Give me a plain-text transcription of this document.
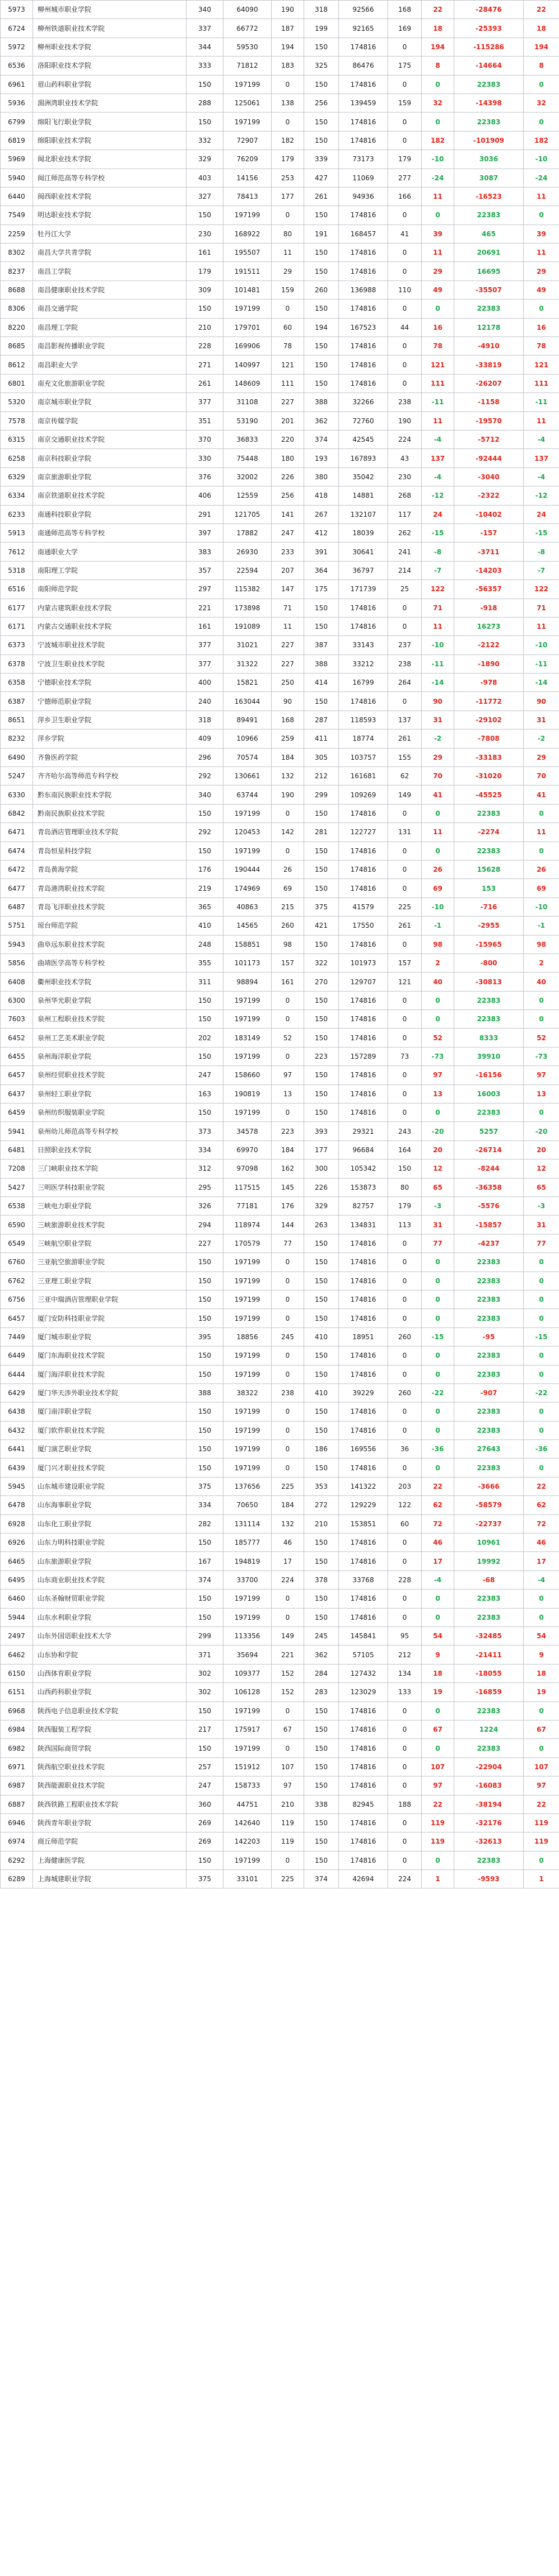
5973	柳州城市职业学院	340	64090	190	318	92566	168	22	-28476	22
6724	柳州铁道职业技术学院	337	66772	187	199	92165	169	18	-25393	18
5972	柳州职业技术学院	344	59530	194	150	174816	0	194	-115286	194
6536	洛阳职业技术学院	333	71812	183	325	86476	175	8	-14664	8
6961	眉山药科职业学院	150	197199	0	150	174816	0	0	22383	0
5936	湄洲湾职业技术学院	288	125061	138	256	139459	159	32	-14398	32
6799	绵阳飞行职业学院	150	197199	0	150	174816	0	0	22383	0
6819	绵阳职业技术学院	332	72907	182	150	174816	0	182	-101909	182
5969	闽北职业技术学院	329	76209	179	339	73173	179	-10	3036	-10
5940	闽江师范高等专科学校	403	14156	253	427	11069	277	-24	3087	-24
6440	闽西职业技术学院	327	78413	177	261	94936	166	11	-16523	11
7549	明达职业技术学院	150	197199	0	150	174816	0	0	22383	0
2259	牡丹江大学	230	168922	80	191	168457	41	39	465	39
8302	南昌大学共青学院	161	195507	11	150	174816	0	11	20691	11
8237	南昌工学院	179	191511	29	150	174816	0	29	16695	29
8688	南昌健康职业技术学院	309	101481	159	260	136988	110	49	-35507	49
8306	南昌交通学院	150	197199	0	150	174816	0	0	22383	0
8220	南昌理工学院	210	179701	60	194	167523	44	16	12178	16
8685	南昌影视传播职业学院	228	169906	78	150	174816	0	78	-4910	78
8612	南昌职业大学	271	140997	121	150	174816	0	121	-33819	121
6801	南充文化旅游职业学院	261	148609	111	150	174816	0	111	-26207	111
5320	南京城市职业学院	377	31108	227	388	32266	238	-11	-1158	-11
7578	南京传媒学院	351	53190	201	362	72760	190	11	-19570	11
6315	南京交通职业技术学院	370	36833	220	374	42545	224	-4	-5712	-4
6258	南京科技职业学院	330	75448	180	193	167893	43	137	-92444	137
6329	南京旅游职业学院	376	32002	226	380	35042	230	-4	-3040	-4
6334	南京铁道职业技术学院	406	12559	256	418	14881	268	-12	-2322	-12
6233	南通科技职业学院	291	121705	141	267	132107	117	24	-10402	24
5913	南通师范高等专科学校	397	17882	247	412	18039	262	-15	-157	-15
7612	南通职业大学	383	26930	233	391	30641	241	-8	-3711	-8
5318	南阳理工学院	357	22594	207	364	36797	214	-7	-14203	-7
6516	南阳师范学院	297	115382	147	175	171739	25	122	-56357	122
6177	内蒙古建筑职业技术学院	221	173898	71	150	174816	0	71	-918	71
6171	内蒙古交通职业技术学院	161	191089	11	150	174816	0	11	16273	11
6373	宁波城市职业技术学院	377	31021	227	387	33143	237	-10	-2122	-10
6378	宁波卫生职业技术学院	377	31322	227	388	33212	238	-11	-1890	-11
6358	宁德职业技术学院	400	15821	250	414	16799	264	-14	-978	-14
6387	宁德师范职业学院	240	163044	90	150	174816	0	90	-11772	90
8651	萍乡卫生职业学院	318	89491	168	287	118593	137	31	-29102	31
8232	萍乡学院	409	10966	259	411	18774	261	-2	-7808	-2
6490	齐鲁医药学院	296	70574	184	305	103757	155	29	-33183	29
5247	齐齐哈尔高等师范专科学校	292	130661	132	212	161681	62	70	-31020	70
6330	黔东南民族职业技术学院	340	63744	190	299	109269	149	41	-45525	41
6842	黔南民族职业技术学院	150	197199	0	150	174816	0	0	22383	0
6471	青岛酒店管理职业技术学院	292	120453	142	281	122727	131	11	-2274	11
6474	青岛恒星科技学院	150	197199	0	150	174816	0	0	22383	0
6472	青岛黄海学院	176	190444	26	150	174816	0	26	15628	26
6477	青岛港湾职业技术学院	219	174969	69	150	174816	0	69	153	69
6487	青岛飞洋职业技术学院	365	40863	215	375	41579	225	-10	-716	-10
5751	琼台师范学院	410	14565	260	421	17550	261	-1	-2955	-1
5943	曲阜远东职业技术学院	248	158851	98	150	174816	0	98	-15965	98
5856	曲靖医学高等专科学校	355	101173	157	322	101973	157	2	-800	2
6408	衢州职业技术学院	311	98894	161	270	129707	121	40	-30813	40
6300	泉州华光职业学院	150	197199	0	150	174816	0	0	22383	0
7603	泉州工程职业技术学院	150	197199	0	150	174816	0	0	22383	0
6452	泉州工艺美术职业学院	202	183149	52	150	174816	0	52	8333	52
6455	泉州海洋职业学院	150	197199	0	223	157289	73	-73	39910	-73
6457	泉州经贸职业技术学院	247	158660	97	150	174816	0	97	-16156	97
6437	泉州轻工职业学院	163	190819	13	150	174816	0	13	16003	13
6459	泉州纺织服装职业学院	150	197199	0	150	174816	0	0	22383	0
5941	泉州幼儿师范高等专科学校	373	34578	223	393	29321	243	-20	5257	-20
6481	日照职业技术学院	334	69970	184	177	96684	164	20	-26714	20
7208	三门峡职业技术学院	312	97098	162	300	105342	150	12	-8244	12
5427	三明医学科技职业学院	295	117515	145	226	153873	80	65	-36358	65
6538	三峡电力职业学院	326	77181	176	329	82757	179	-3	-5576	-3
6590	三峡旅游职业技术学院	294	118974	144	263	134831	113	31	-15857	31
6549	三峡航空职业学院	227	170579	77	150	174816	0	77	-4237	77
6760	三亚航空旅游职业学院	150	197199	0	150	174816	0	0	22383	0
6762	三亚理工职业学院	150	197199	0	150	174816	0	0	22383	0
6756	三亚中瑞酒店管理职业学院	150	197199	0	150	174816	0	0	22383	0
6457	厦门安防科技职业学院	150	197199	0	150	174816	0	0	22383	0
7449	厦门城市职业学院	395	18856	245	410	18951	260	-15	-95	-15
6449	厦门东海职业技术学院	150	197199	0	150	174816	0	0	22383	0
6444	厦门海洋职业技术学院	150	197199	0	150	174816	0	0	22383	0
6429	厦门华天涉外职业技术学院	388	38322	238	410	39229	260	-22	-907	-22
6438	厦门南洋职业学院	150	197199	0	150	174816	0	0	22383	0
6432	厦门软件职业技术学院	150	197199	0	150	174816	0	0	22383	0
6441	厦门演艺职业学院	150	197199	0	186	169556	36	-36	27643	-36
6439	厦门兴才职业技术学院	150	197199	0	150	174816	0	0	22383	0
5945	山东城市建设职业学院	375	137656	225	353	141322	203	22	-3666	22
6478	山东海事职业学院	334	70650	184	272	129229	122	62	-58579	62
6928	山东化工职业学院	282	131114	132	210	153851	60	72	-22737	72
6926	山东力明科技职业学院	150	185777	46	150	174816	0	46	10961	46
6465	山东旅游职业学院	167	194819	17	150	174816	0	17	19992	17
6495	山东商业职业技术学院	374	33700	224	378	33768	228	-4	-68	-4
6460	山东圣翰财贸职业学院	150	197199	0	150	174816	0	0	22383	0
5944	山东水利职业学院	150	197199	0	150	174816	0	0	22383	0
2497	山东外国语职业技术大学	299	113356	149	245	145841	95	54	-32485	54
6462	山东协和学院	371	35694	221	362	57105	212	9	-21411	9
6150	山西体育职业学院	302	109377	152	284	127432	134	18	-18055	18
6151	山西药科职业学院	302	106128	152	283	123029	133	19	-16859	19
6968	陕西电子信息职业技术学院	150	197199	0	150	174816	0	0	22383	0
6984	陕西服装工程学院	217	175917	67	150	174816	0	67	1224	67
6982	陕西国际商贸学院	150	197199	0	150	174816	0	0	22383	0
6971	陕西航空职业技术学院	257	151912	107	150	174816	0	107	-22904	107
6987	陕西能源职业技术学院	247	158733	97	150	174816	0	97	-16083	97
6887	陕西铁路工程职业技术学院	360	44751	210	338	82945	188	22	-38194	22
6946	陕西青年职业学院	269	142640	119	150	174816	0	119	-32176	119
6974	商丘师范学院	269	142203	119	150	174816	0	119	-32613	119
6292	上海健康医学院	150	197199	0	150	174816	0	0	22383	0
6289	上海城建职业学院	375	33101	225	374	42694	224	1	-9593	1
